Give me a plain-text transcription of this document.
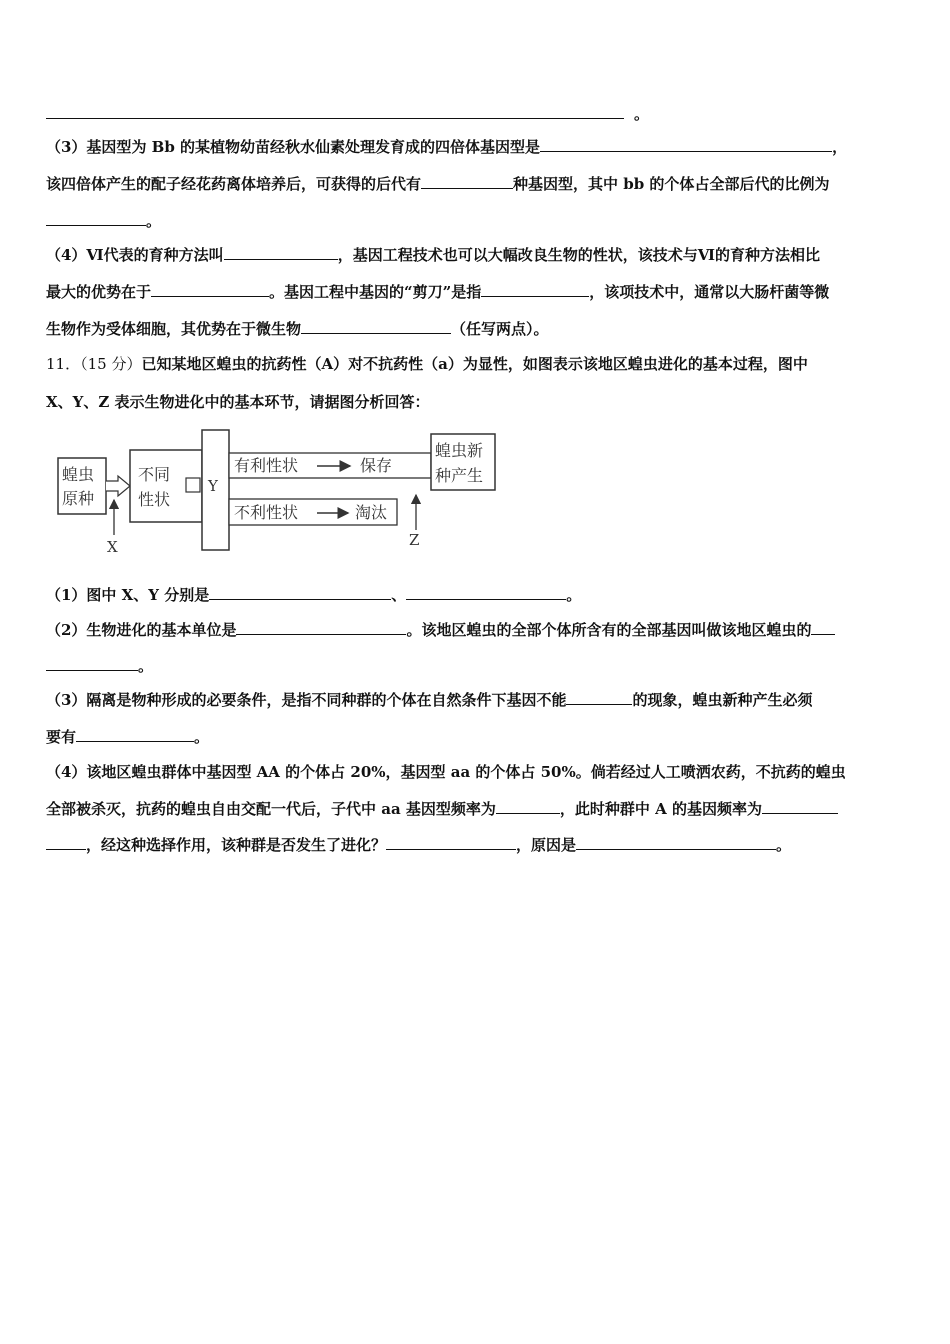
。
（3）基因型为 Bb 的某植物幼苗经秋水仙素处理发育成的四倍体基因型是	，
该四倍体产生的配子经花药离体培养后，可获得的后代有	种基因型，其中 bb 的个体占全部后代的比例为
。
（4）Ⅵ代表的育种方法叫	，基因工程技术也可以大幅改良生物的性状，该技术与Ⅵ的育种方法相比
最大的优势在于	。基因工程中基因的“剪刀”是指	，该项技术中，通常以大肠杆菌等微
生物作为受体细胞，其优势在于微生物	（任写两点）。
11．（15 分）已知某地区蝗虫的抗药性（A）对不抗药性（a）为显性，如图表示该地区蝗虫进化的基本过程，图中
X、Y、Z 表示生物进化中的基本环节，请据图分析回答：
蝗虫
原种
X
不同
性状
Y
有利性状	保存
蝗虫新
种产生
不利性状	淘汰
Z
（1）图中 X、Y 分别是	、	。
（2）生物进化的基本单位是	。该地区蝗虫的全部个体所含有的全部基因叫做该地区蝗虫的
。
（3）隔离是物种形成的必要条件，是指不同种群的个体在自然条件下基因不能	的现象，蝗虫新种产生必须
要有	。
（4）该地区蝗虫群体中基因型 AA 的个体占 20%，基因型 aa 的个体占 50%。倘若经过人工喷洒农药，不抗药的蝗虫
全部被杀灭，抗药的蝗虫自由交配一代后，子代中 aa 基因型频率为	，此时种群中 A 的基因频率为
，经这种选择作用，该种群是否发生了进化？	，原因是	。
